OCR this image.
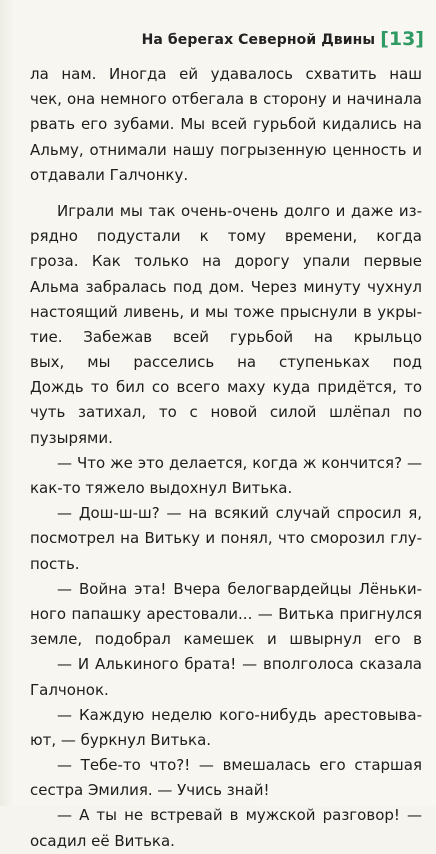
На берегах Северной Двины [13]
ла нам. Иногда ей удавалось схватить наш
чек, она немного отбегала в сторону и начинала
рвать его зубами. Мы всей гурьбой кидались на
Альму, отнимали нашу погрызенную ценность и
отдавали Галчонку.
Играли мы так очень-очень долго и даже из-
рядно подустали к тому времени, когда
гроза. Как только на дорогу упали первые
Альма забралась под дом. Через минуту чухнул
настоящий ливень, и мы тоже прыснули в укры-
тие. Забежав всей гурьбой на крыльцо
вых, мы расселись на ступеньках под
Дождь то бил со всего маху куда придётся, то
чуть затихал, то с новой силой шлёпал по
пузырями.
— Что же это делается, когда ж кончится? —
как-то тяжело выдохнул Витька.
— Дош-ш-ш? — на всякий случай спросил я,
посмотрел на Витьку и понял, что сморозил глу-
пость.
— Война эта! Вчера белогвардейцы Лёньки-
ного папашку арестовали... — Витька пригнулся
земле, подобрал камешек и швырнул его в
— И Алькиного брата! — вполголоса сказала
Галчонок.
— Каждую неделю кого-нибудь арестовыва-
ют, — буркнул Витька.
— Тебе-то что?! — вмешалась его старшая
сестра Эмилия. — Учись знай!
— А ты не встревай в мужской разговор! —
осадил её Витька.
